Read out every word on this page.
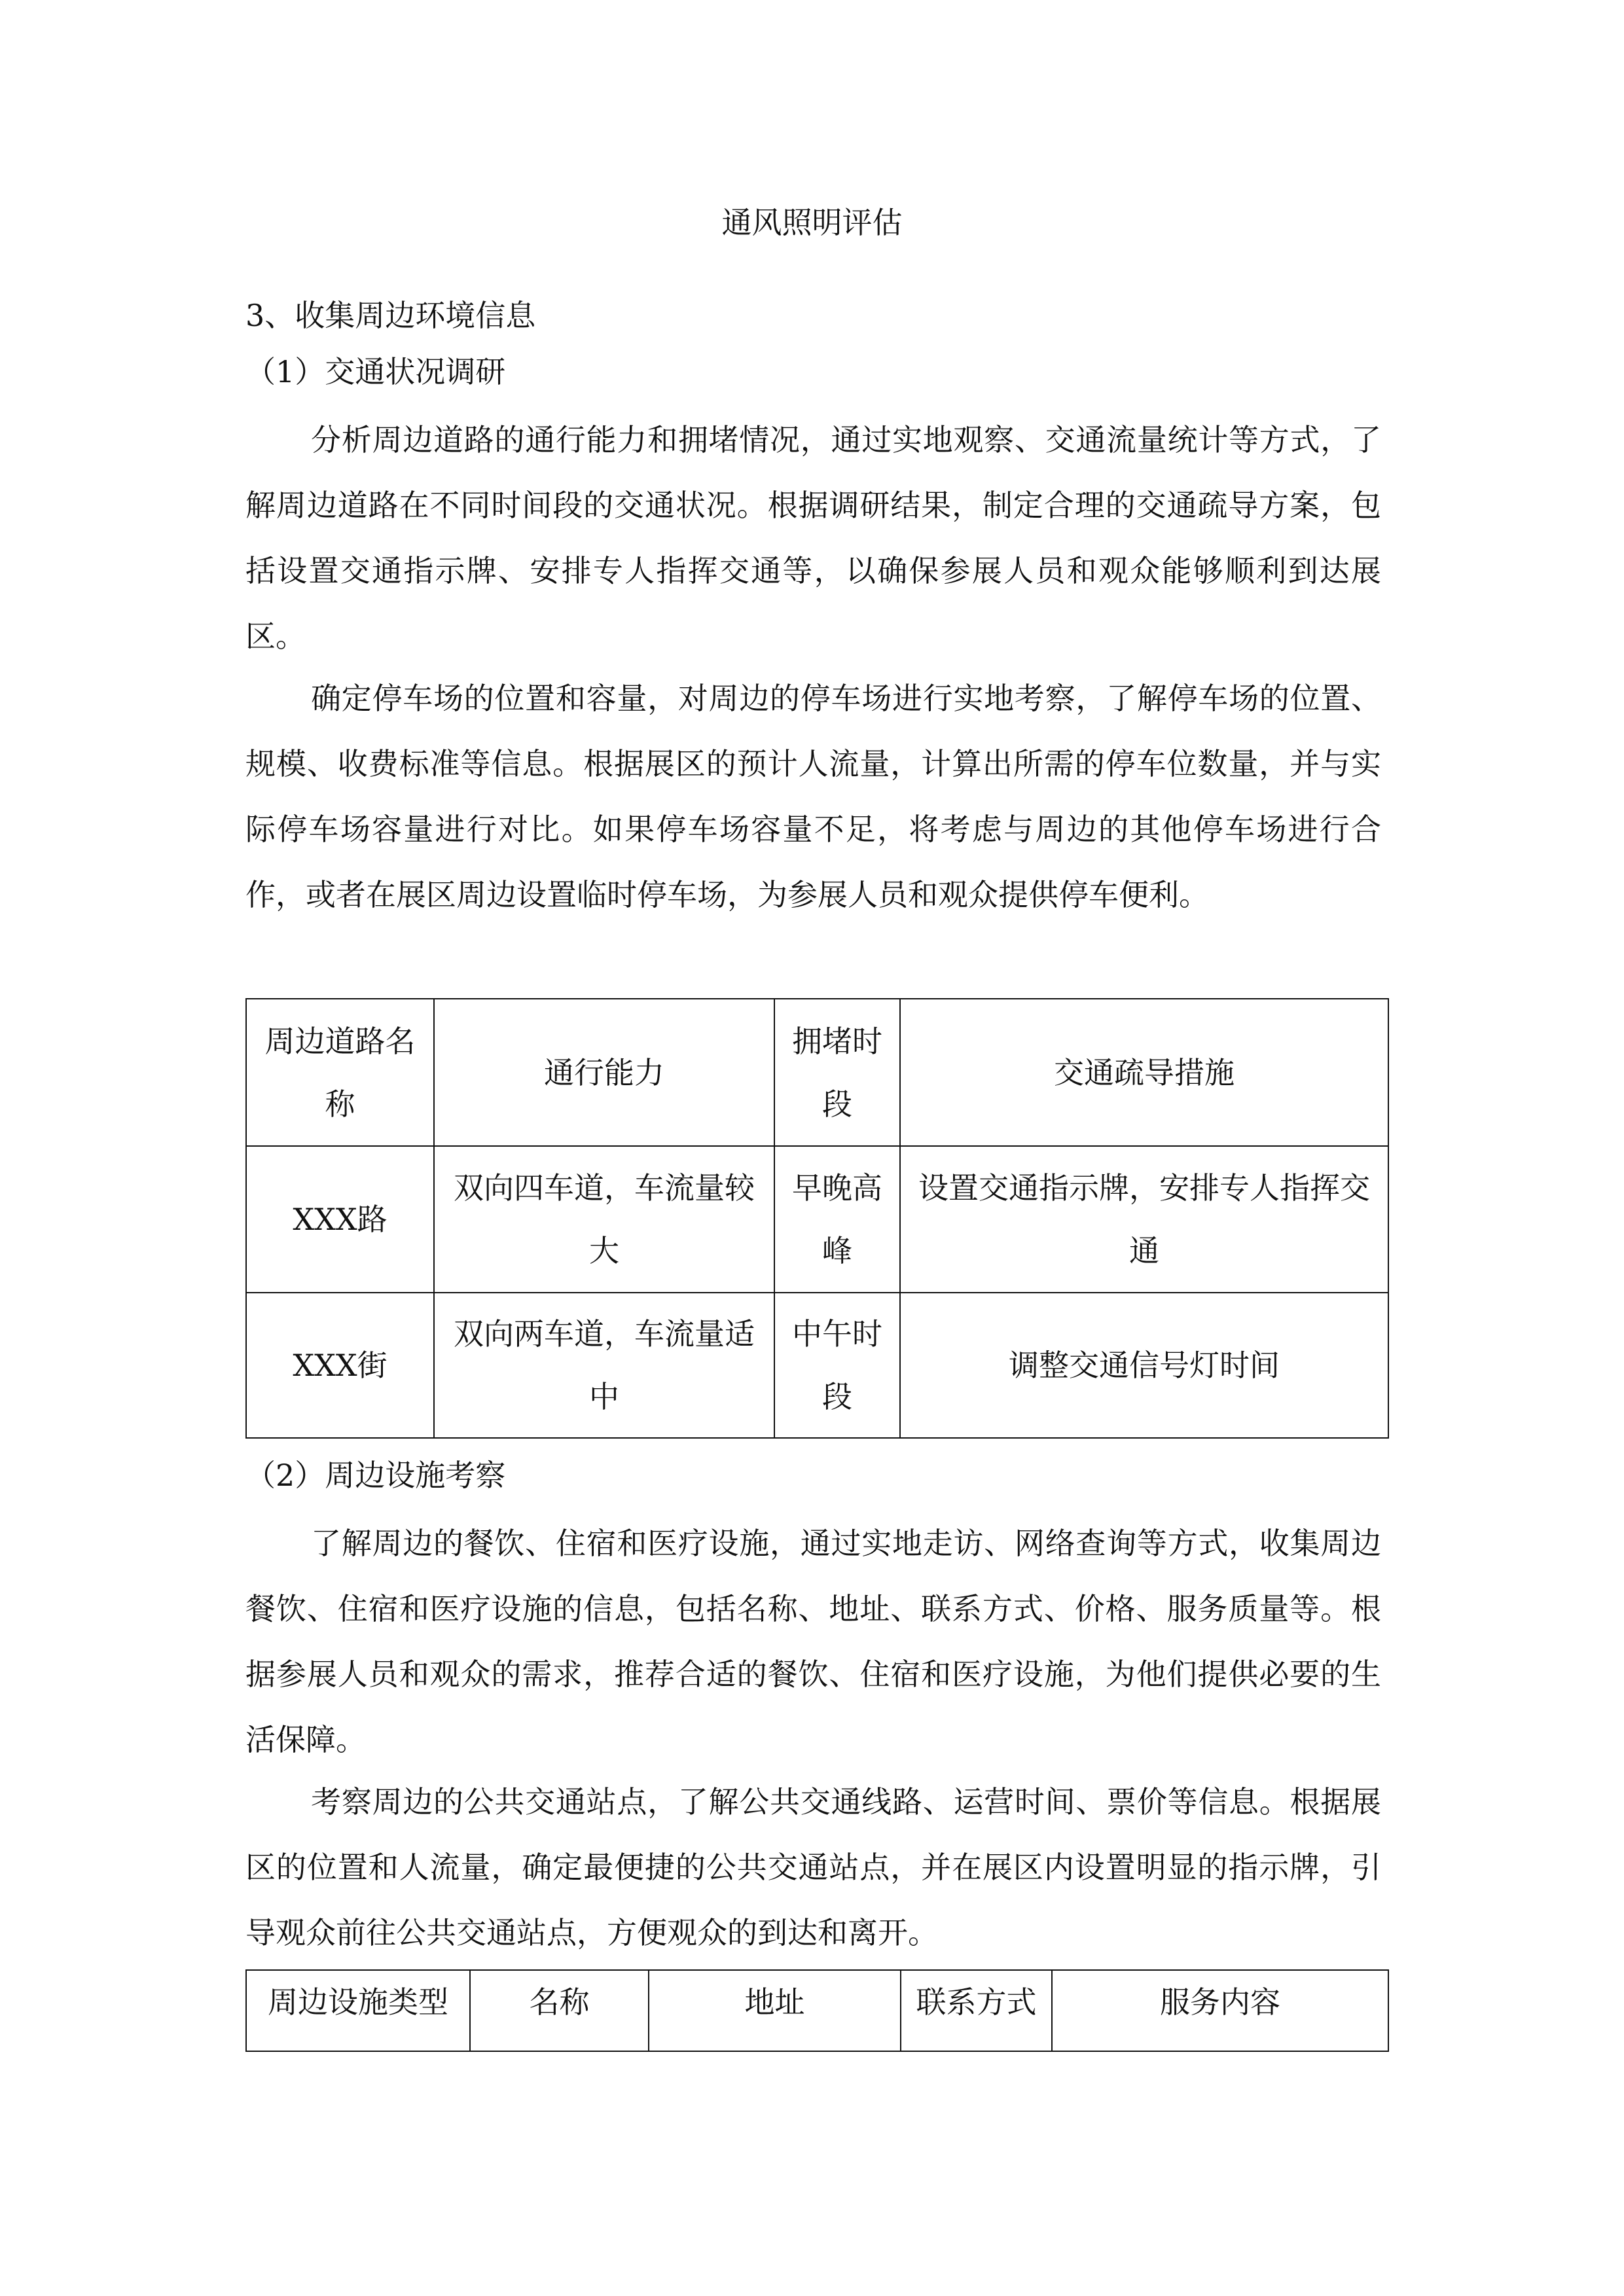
通风照明评估
3、收集周边环境信息
（1）交通状况调研

分析周边道路的通行能力和拥堵情况，通过实地观察、交通流量统计等方式，了解周边道路在不同时间段的交通状况。根据调研结果，制定合理的交通疏导方案，包括设置交通指示牌、安排专人指挥交通等，以确保参展人员和观众能够顺利到达展区。

确定停车场的位置和容量，对周边的停车场进行实地考察，了解停车场的位置、规模、收费标准等信息。根据展区的预计人流量，计算出所需的停车位数量，并与实际停车场容量进行对比。如果停车场容量不足，将考虑与周边的其他停车场进行合作，或者在展区周边设置临时停车场，为参展人员和观众提供停车便利。

周边道路名称	通行能力	拥堵时段	交通疏导措施
XXX路	双向四车道，车流量较大	早晚高峰	设置交通指示牌，安排专人指挥交通
XXX街	双向两车道，车流量适中	中午时段	调整交通信号灯时间
（2）周边设施考察

了解周边的餐饮、住宿和医疗设施，通过实地走访、网络查询等方式，收集周边餐饮、住宿和医疗设施的信息，包括名称、地址、联系方式、价格、服务质量等。根据参展人员和观众的需求，推荐合适的餐饮、住宿和医疗设施，为他们提供必要的生活保障。

考察周边的公共交通站点，了解公共交通线路、运营时间、票价等信息。根据展区的位置和人流量，确定最便捷的公共交通站点，并在展区内设置明显的指示牌，引导观众前往公共交通站点，方便观众的到达和离开。

周边设施类型	名称	地址	联系方式	服务内容
